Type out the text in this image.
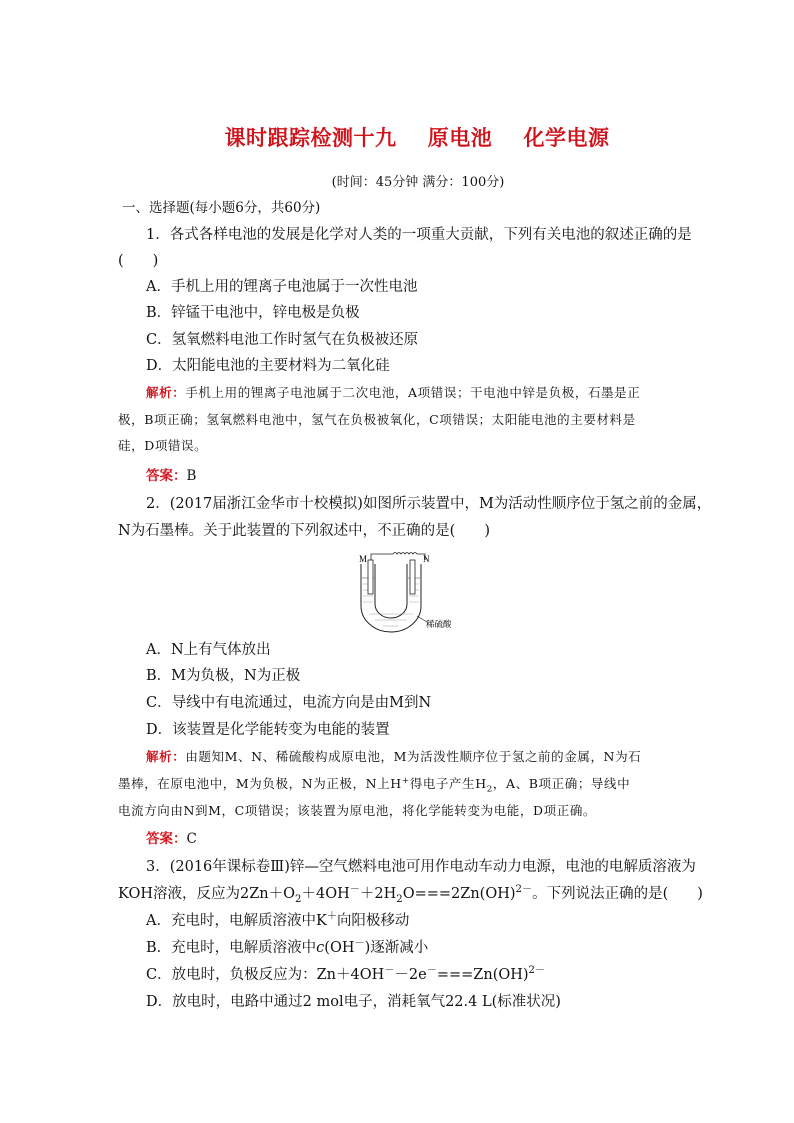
课时跟踪检测十九    原电池    化学电源
(时间：45分钟 满分：100分)
一、选择题(每小题6分，共60分)
1．各式各样电池的发展是化学对人类的一项重大贡献，下列有关电池的叙述正确的是
(　　)
A．手机上用的锂离子电池属于一次性电池
B．锌锰干电池中，锌电极是负极
C．氢氧燃料电池工作时氢气在负极被还原
D．太阳能电池的主要材料为二氧化硅
解析：手机上用的锂离子电池属于二次电池，A项错误；干电池中锌是负极，石墨是正
极，B项正确；氢氧燃料电池中，氢气在负极被氧化，C项错误；太阳能电池的主要材料是
硅，D项错误。
答案：B
2．(2017届浙江金华市十校模拟)如图所示装置中，M为活动性顺序位于氢之前的金属，
N为石墨棒。关于此装置的下列叙述中，不正确的是(　　)
M	N
稀硫酸
A．N上有气体放出
B．M为负极，N为正极
C．导线中有电流通过，电流方向是由M到N
D．该装置是化学能转变为电能的装置
解析：由题知M、N、稀硫酸构成原电池，M为活泼性顺序位于氢之前的金属，N为石
墨棒，在原电池中，M为负极，N为正极，N上H+得电子产生$H_2$，A、B项正确；导线中
电流方向由N到M，C项错误；该装置为原电池，将化学能转变为电能，D项正确。
答案：C
3．(2016年课标卷Ⅲ)锌—空气燃料电池可用作电动车动力电源，电池的电解质溶液为
KOH溶液，反应为$2Zn+O_2+4OH^-+2H_2O===2Zn(OH)^{2-}$。下列说法正确的是(　　)
A．充电时，电解质溶液中K＋向阳极移动
B．充电时，电解质溶液中c(OH－)逐渐减小
C．放电时，负极反应为：Zn＋4OH－－2e－===Zn(OH)$^{2-}$
D．放电时，电路中通过2 mol电子，消耗氧气22.4 L(标准状况)
